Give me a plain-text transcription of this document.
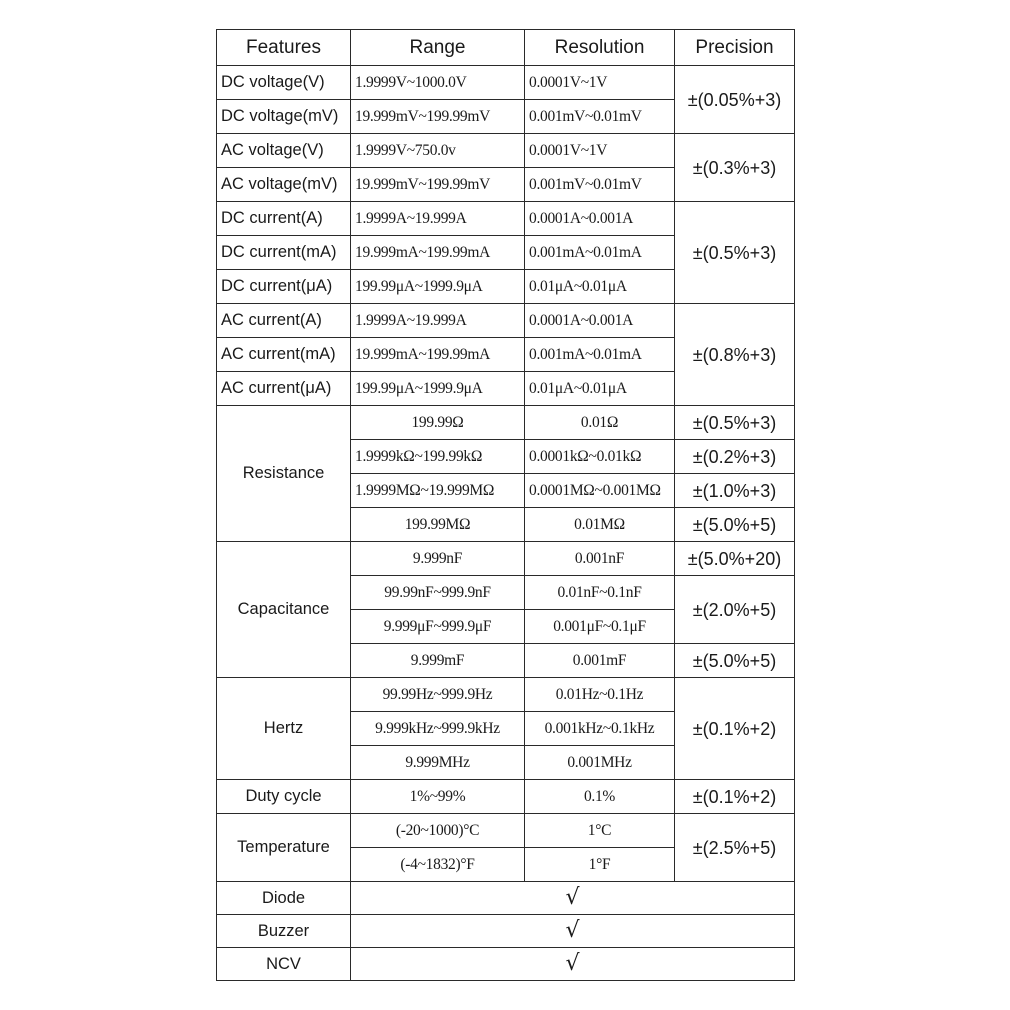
Features	Range	Resolution	Precision
DC voltage(V)	1.9999V~1000.0V	0.0001V~1V	±(0.05%+3)
DC voltage(mV)	19.999mV~199.99mV	0.001mV~0.01mV	
AC voltage(V)	1.9999V~750.0v	0.0001V~1V	±(0.3%+3)
AC voltage(mV)	19.999mV~199.99mV	0.001mV~0.01mV	
DC current(A)	1.9999A~19.999A	0.0001A~0.001A	±(0.5%+3)
DC current(mA)	19.999mA~199.99mA	0.001mA~0.01mA	
DC current(μA)	199.99μA~1999.9μA	0.01μA~0.01μA	
AC current(A)	1.9999A~19.999A	0.0001A~0.001A	±(0.8%+3)
AC current(mA)	19.999mA~199.99mA	0.001mA~0.01mA	
AC current(μA)	199.99μA~1999.9μA	0.01μA~0.01μA	
Resistance	199.99Ω	0.01Ω	±(0.5%+3)
	1.9999kΩ~199.99kΩ	0.0001kΩ~0.01kΩ	±(0.2%+3)
	1.9999MΩ~19.999MΩ	0.0001MΩ~0.001MΩ	±(1.0%+3)
	199.99MΩ	0.01MΩ	±(5.0%+5)
Capacitance	9.999nF	0.001nF	±(5.0%+20)
	99.99nF~999.9nF	0.01nF~0.1nF	±(2.0%+5)
	9.999μF~999.9μF	0.001μF~0.1μF	
	9.999mF	0.001mF	±(5.0%+5)
Hertz	99.99Hz~999.9Hz	0.01Hz~0.1Hz	±(0.1%+2)
	9.999kHz~999.9kHz	0.001kHz~0.1kHz	
	9.999MHz	0.001MHz	
Duty cycle	1%~99%	0.1%	±(0.1%+2)
Temperature	(-20~1000)°C	1°C	±(2.5%+5)
	(-4~1832)°F	1°F	
Diode	√		
Buzzer	√		
NCV	√		
